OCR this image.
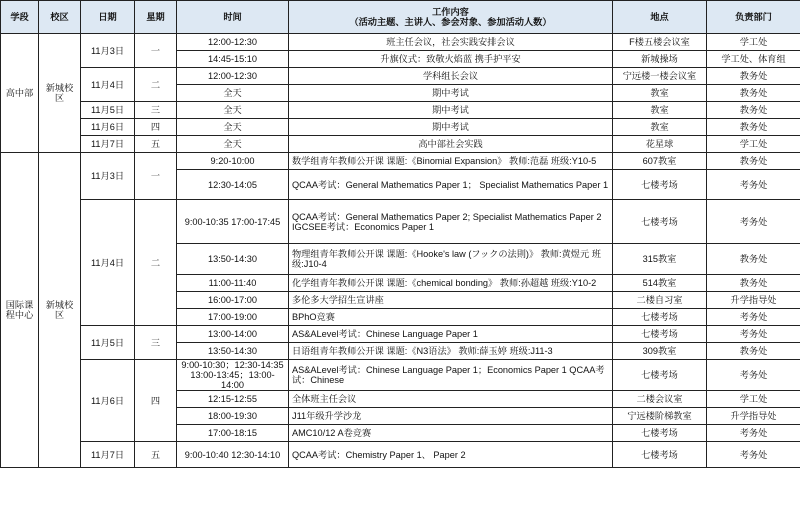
学段	校区	日期	星期	时间	工作内容
（活动主题、主讲人、参会对象、参加活动人数）	地点	负责部门
高中部	新城校区	11月3日	一	12:00-12:30	班主任会议，社会实践安排会议	F楼五楼会议室	学工处
				14:45-15:10	升旗仪式：致敬火焰蓝 携手护平安	新城操场	学工处、体育组
		11月4日	二	12:00-12:30	学科组长会议	宁远楼一楼会议室	教务处
				全天	期中考试	教室	教务处
		11月5日	三	全天	期中考试	教室	教务处
		11月6日	四	全天	期中考试	教室	教务处
		11月7日	五	全天	高中部社会实践	花星球	学工处
国际课程中心	新城校区	11月3日	一	9:20-10:00	数学组青年教师公开课 课题:《Binomial Expansion》 教师:范磊 班级:Y10-5	607教室	教务处
				12:30-14:05	QCAA考试：General Mathematics Paper 1； Specialist Mathematics Paper 1	七楼考场	考务处
		11月4日	二	9:00-10:35 17:00-17:45	QCAA考试：General Mathematics Paper 2; Specialist Mathematics Paper 2 IGCSEE考试：Economics Paper 1	七楼考场	考务处
				13:50-14:30	物理组青年教师公开课 课题:《Hooke's law (フックの法則)》 教师:黄煜元 班级:J10-4	315教室	教务处
				11:00-11:40	化学组青年教师公开课 课题:《chemical bonding》 教师:孙超越 班级:Y10-2	514教室	教务处
				16:00-17:00	多伦多大学招生宣讲座	二楼自习室	升学指导处
				17:00-19:00	BPhO竞赛	七楼考场	考务处
		11月5日	三	13:00-14:00	AS&ALevel考试：Chinese Language Paper 1	七楼考场	考务处
				13:50-14:30	日语组青年教师公开课 课题:《N3语法》 教师:薛玉婷 班级:J11-3	309教室	教务处
		11月6日	四	9:00-10:30；12:30-14:35 13:00-13:45；13:00-14:00	AS&ALevel考试：Chinese Language Paper 1；Economics Paper 1 QCAA考试：Chinese	七楼考场	考务处
				12:15-12:55	全体班主任会议	二楼会议室	学工处
				18:00-19:30	J11年级升学沙龙	宁远楼阶梯教室	升学指导处
				17:00-18:15	AMC10/12 A卷竞赛	七楼考场	考务处
		11月7日	五	9:00-10:40 12:30-14:10	QCAA考试：Chemistry Paper 1、 Paper 2	七楼考场	考务处
